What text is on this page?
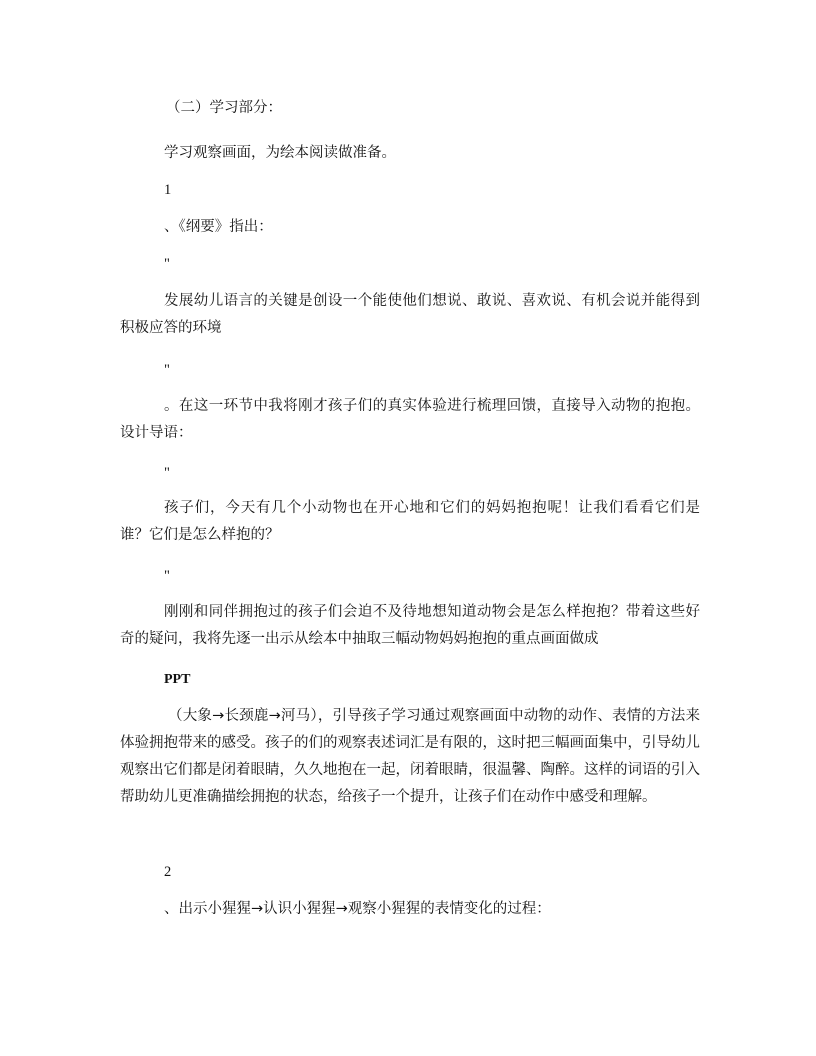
（二）学习部分：
学习观察画面，为绘本阅读做准备。
1
、《纲要》指出：
"
发展幼儿语言的关键是创设一个能使他们想说、敢说、喜欢说、有机会说并能得到积极应答的环境
"
。在这一环节中我将刚才孩子们的真实体验进行梳理回馈，直接导入动物的抱抱。设计导语：
"
孩子们，今天有几个小动物也在开心地和它们的妈妈抱抱呢！让我们看看它们是谁？它们是怎么样抱的？
"
刚刚和同伴拥抱过的孩子们会迫不及待地想知道动物会是怎么样抱抱？带着这些好奇的疑问，我将先逐一出示从绘本中抽取三幅动物妈妈抱抱的重点画面做成
PPT
（大象→长颈鹿→河马），引导孩子学习通过观察画面中动物的动作、表情的方法来体验拥抱带来的感受。孩子的们的观察表述词汇是有限的，这时把三幅画面集中，引导幼儿观察出它们都是闭着眼睛，久久地抱在一起，闭着眼睛，很温馨、陶醉。这样的词语的引入帮助幼儿更准确描绘拥抱的状态，给孩子一个提升，让孩子们在动作中感受和理解。
2
、出示小猩猩→认识小猩猩→观察小猩猩的表情变化的过程：
